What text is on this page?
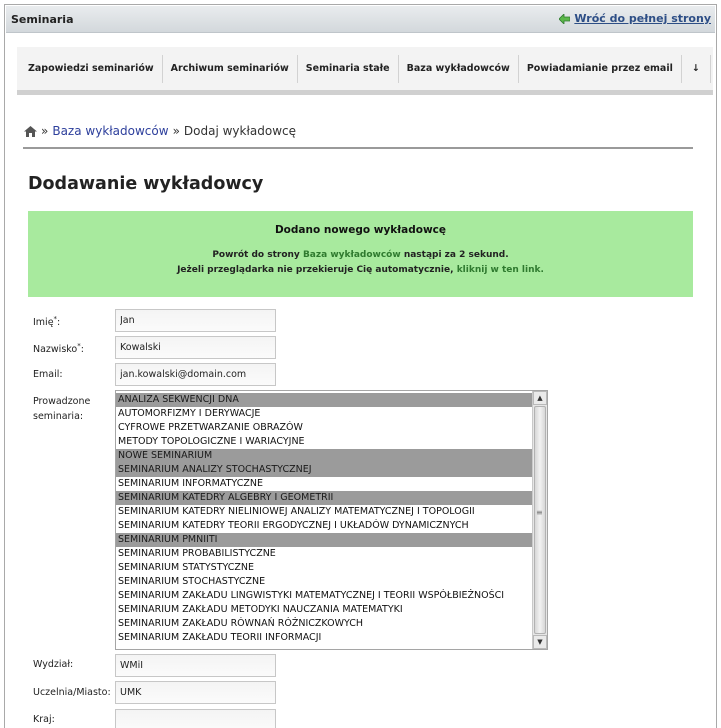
Seminaria	Wróć do pełnej strony
Zapowiedzi seminariów	Archiwum seminariów	Seminaria stałe	Baza wykładowców	Powiadamianie przez email	↓
» Baza wykładowców » Dodaj wykładowcę
Dodawanie wykładowcy
Dodano nowego wykładowcę
Powrót do strony Baza wykładowców nastąpi za 2 sekund.
Jeżeli przeglądarka nie przekieruje Cię automatycznie, kliknij w ten link.
Imię*:
Jan
Nazwisko*:
Kowalski
Email:
jan.kowalski@domain.com
Prowadzone
seminaria:
ANALIZA SEKWENCJI DNA
AUTOMORFIZMY I DERYWACJE
CYFROWE PRZETWARZANIE OBRAZÓW
METODY TOPOLOGICZNE I WARIACYJNE
NOWE SEMINARIUM
SEMINARIUM ANALIZY STOCHASTYCZNEJ
SEMINARIUM INFORMATYCZNE
SEMINARIUM KATEDRY ALGEBRY I GEOMETRII
SEMINARIUM KATEDRY NIELINIOWEJ ANALIZY MATEMATYCZNEJ I TOPOLOGII
SEMINARIUM KATEDRY TEORII ERGODYCZNEJ I UKŁADÓW DYNAMICZNYCH
SEMINARIUM PMNIITI
SEMINARIUM PROBABILISTYCZNE
SEMINARIUM STATYSTYCZNE
SEMINARIUM STOCHASTYCZNE
SEMINARIUM ZAKŁADU LINGWISTYKI MATEMATYCZNEJ I TEORII WSPÓŁBIEŻNOŚCI
SEMINARIUM ZAKŁADU METODYKI NAUCZANIA MATEMATYKI
SEMINARIUM ZAKŁADU RÓWNAŃ RÓŻNICZKOWYCH
SEMINARIUM ZAKŁADU TEORII INFORMACJI
▲
≡
▼
Wydział:
WMiI
Uczelnia/Miasto:
UMK
Kraj:
